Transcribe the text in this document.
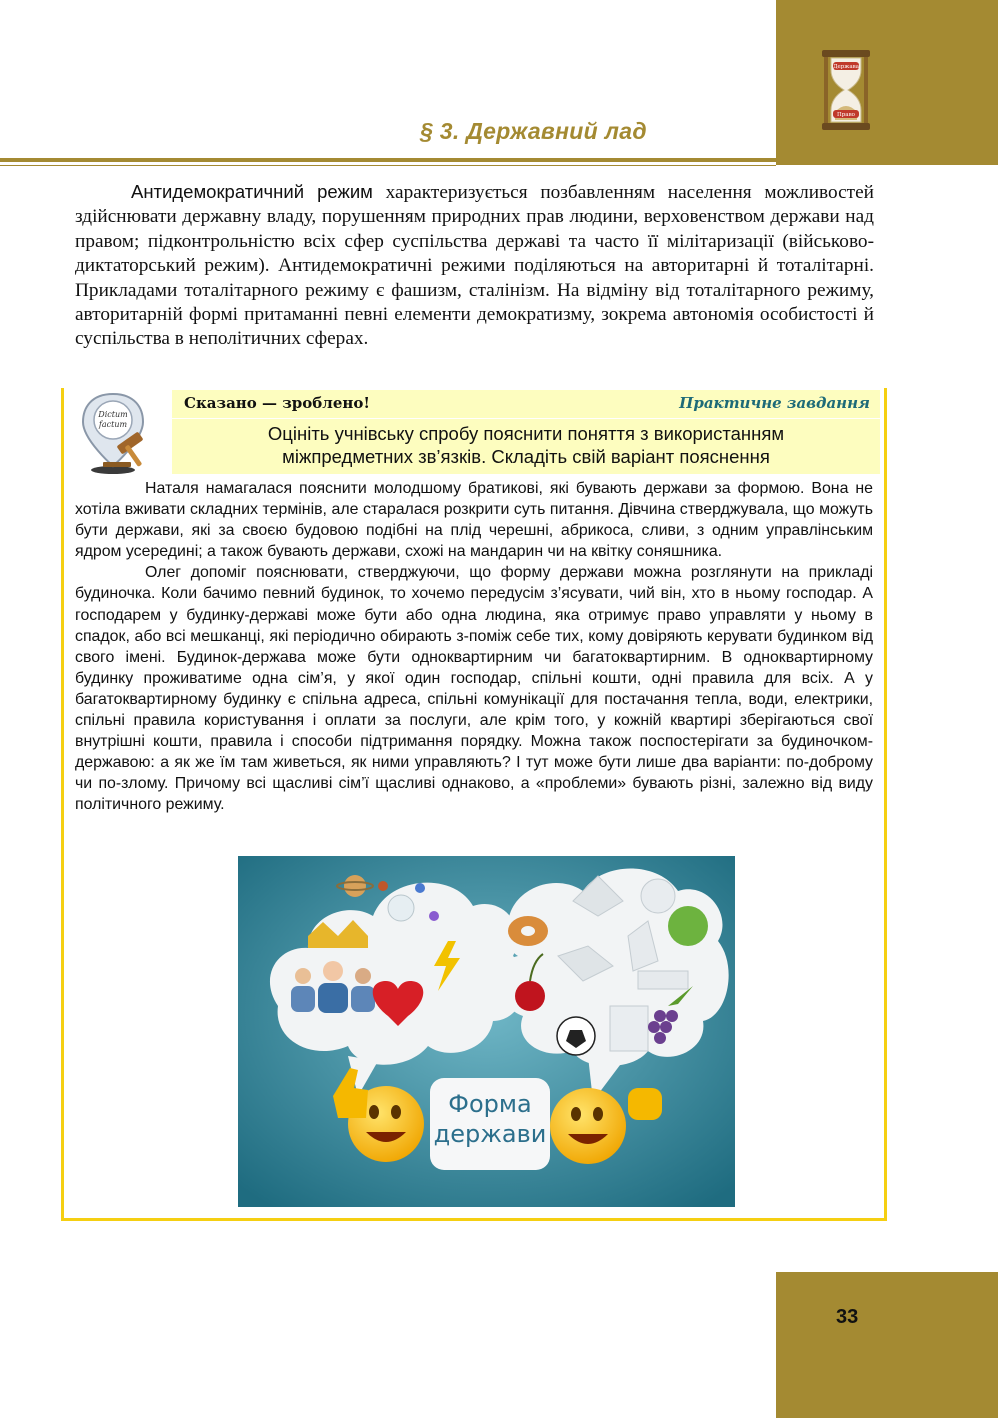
Держава
Право
§ 3. Державний лад

Антидемократичний режим характеризується позбавленням населення можливостей здійснювати державну владу, порушенням природних прав людини, верховенством держави над правом; підконтрольністю всіх сфер суспільства державі та часто її мілітаризації (військово-диктаторський режим). Антидемократичні режими поділяються на авторитарні й тоталітарні. Прикладами тоталітарного режиму є фашизм, сталінізм. На відміну від тоталітарного режиму, авторитарній формі притаманні певні елементи демократизму, зокрема автономія особистості й суспільства в неполітичних сферах.

Dictum
factum
Сказано — зроблено!	Практичне завдання
Оцініть учнівську спробу пояснити поняття з використанням
міжпредметних зв’язків. Складіть свій варіант пояснення

Наталя намагалася пояснити молодшому братикові, які бувають держави за формою. Вона не хотіла вживати складних термінів, але старалася розкрити суть питання. Дівчина стверджувала, що можуть бути держави, які за своєю будовою подібні на плід черешні, абрикоса, сливи, з одним управлінським ядром усередині; а також бувають держави, схожі на мандарин чи на квітку соняшника.

Олег допоміг пояснювати, стверджуючи, що форму держави можна розглянути на прикладі будиночка. Коли бачимо певний будинок, то хочемо передусім з’ясувати, чий він, хто в ньому господар. А господарем у будинку-державі може бути або одна людина, яка отримує право управляти у ньому в спадок, або всі мешканці, які періодично обирають з-поміж себе тих, кому довіряють керувати будинком від свого імені. Будинок-держава може бути одноквартирним чи багатоквартирним. В одноквартирному будинку проживатиме одна сім’я, у якої один господар, спільні кошти, одні правила для всіх. А у багатоквартирному будинку є спільна адреса, спільні комунікації для постачання тепла, води, електрики, спільні правила користування і оплати за послуги, але крім того, у кожній квартирі зберігаються свої внутрішні кошти, правила і способи підтримання порядку. Можна також поспостерігати за будиночком-державою: а як же їм там живеться, як ними управляють? І тут може бути лише два варіанти: по-доброму чи по-злому. Причому всі щасливі сім’ї щасливі однаково, а «проблеми» бувають різні, залежно від виду політичного режиму.

Форма
держави
33
